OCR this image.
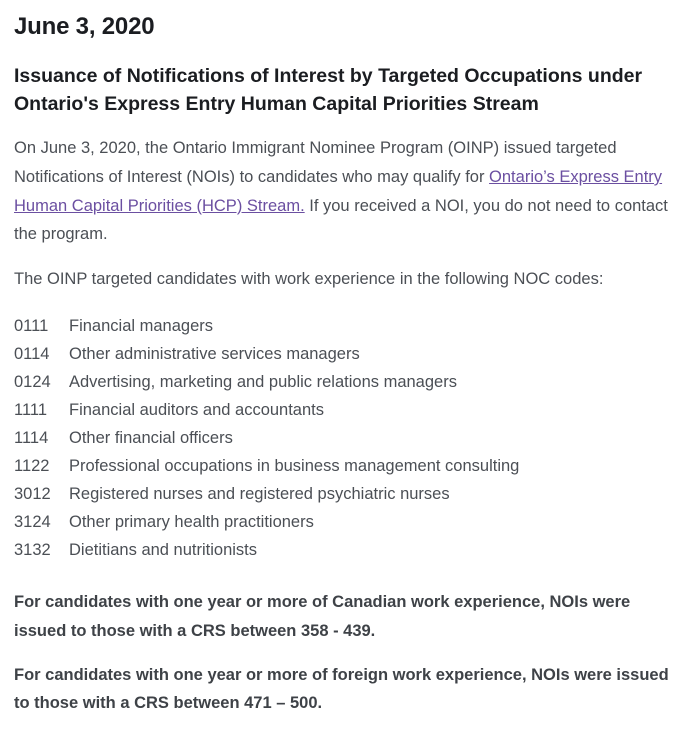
June 3, 2020
Issuance of Notifications of Interest by Targeted Occupations under Ontario's Express Entry Human Capital Priorities Stream

On June 3, 2020, the Ontario Immigrant Nominee Program (OINP) issued targeted Notifications of Interest (NOIs) to candidates who may qualify for Ontario’s Express Entry Human Capital Priorities (HCP) Stream. If you received a NOI, you do not need to contact the program.

The OINP targeted candidates with work experience in the following NOC codes:

0111	Financial managers
0114 Other administrative services managers
0124 Advertising, marketing and public relations managers
1111	Financial auditors and accountants
1114	Other financial officers
1122 Professional occupations in business management consulting
3012 Registered nurses and registered psychiatric nurses
3124 Other primary health practitioners
3132 Dietitians and nutritionists

For candidates with one year or more of Canadian work experience, NOIs were issued to those with a CRS between 358 - 439.

For candidates with one year or more of foreign work experience, NOIs were issued to those with a CRS between 471 – 500.
